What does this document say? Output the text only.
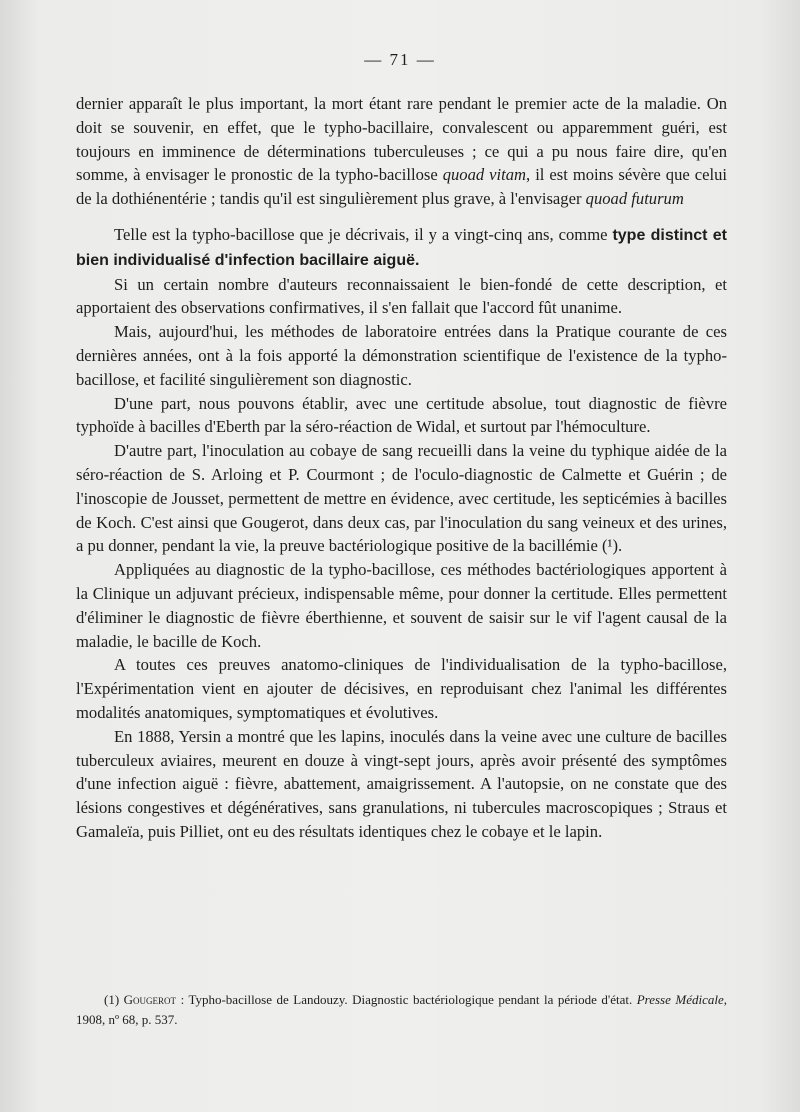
— 71 —

dernier apparaît le plus important, la mort étant rare pendant le premier acte de la maladie. On doit se souvenir, en effet, que le typho-bacillaire, convalescent ou apparemment guéri, est toujours en imminence de déterminations tuberculeuses ; ce qui a pu nous faire dire, qu'en somme, à envisager le pronostic de la typho-bacillose quoad vitam, il est moins sévère que celui de la dothiénentérie ; tandis qu'il est singulièrement plus grave, à l'envisager quoad futurum

Telle est la typho-bacillose que je décrivais, il y a vingt-cinq ans, comme type distinct et bien individualisé d'infection bacillaire aiguë.

Si un certain nombre d'auteurs reconnaissaient le bien-fondé de cette description, et apportaient des observations confirmatives, il s'en fallait que l'accord fût unanime.

Mais, aujourd'hui, les méthodes de laboratoire entrées dans la Pratique courante de ces dernières années, ont à la fois apporté la démonstration scientifique de l'existence de la typho-bacillose, et facilité singulièrement son diagnostic.

D'une part, nous pouvons établir, avec une certitude absolue, tout diagnostic de fièvre typhoïde à bacilles d'Eberth par la séro-réaction de Widal, et surtout par l'hémoculture.

D'autre part, l'inoculation au cobaye de sang recueilli dans la veine du typhique aidée de la séro-réaction de S. Arloing et P. Courmont ; de l'oculo-diagnostic de Calmette et Guérin ; de l'inoscopie de Jousset, permettent de mettre en évidence, avec certitude, les septicémies à bacilles de Koch. C'est ainsi que Gougerot, dans deux cas, par l'inoculation du sang veineux et des urines, a pu donner, pendant la vie, la preuve bactériologique positive de la bacillémie (¹).

Appliquées au diagnostic de la typho-bacillose, ces méthodes bactériologiques apportent à la Clinique un adjuvant précieux, indispensable même, pour donner la certitude. Elles permettent d'éliminer le diagnostic de fièvre éberthienne, et souvent de saisir sur le vif l'agent causal de la maladie, le bacille de Koch.

A toutes ces preuves anatomo-cliniques de l'individualisation de la typho-bacillose, l'Expérimentation vient en ajouter de décisives, en reproduisant chez l'animal les différentes modalités anatomiques, symptomatiques et évolutives.

En 1888, Yersin a montré que les lapins, inoculés dans la veine avec une culture de bacilles tuberculeux aviaires, meurent en douze à vingt-sept jours, après avoir présenté des symptômes d'une infection aiguë : fièvre, abattement, amaigrissement. A l'autopsie, on ne constate que des lésions congestives et dégénératives, sans granulations, ni tubercules macroscopiques ; Straus et Gamaleïa, puis Pilliet, ont eu des résultats identiques chez le cobaye et le lapin.

(1) Gougerot : Typho-bacillose de Landouzy. Diagnostic bactériologique pendant la période d'état. Presse Médicale, 1908, nº 68, p. 537.
